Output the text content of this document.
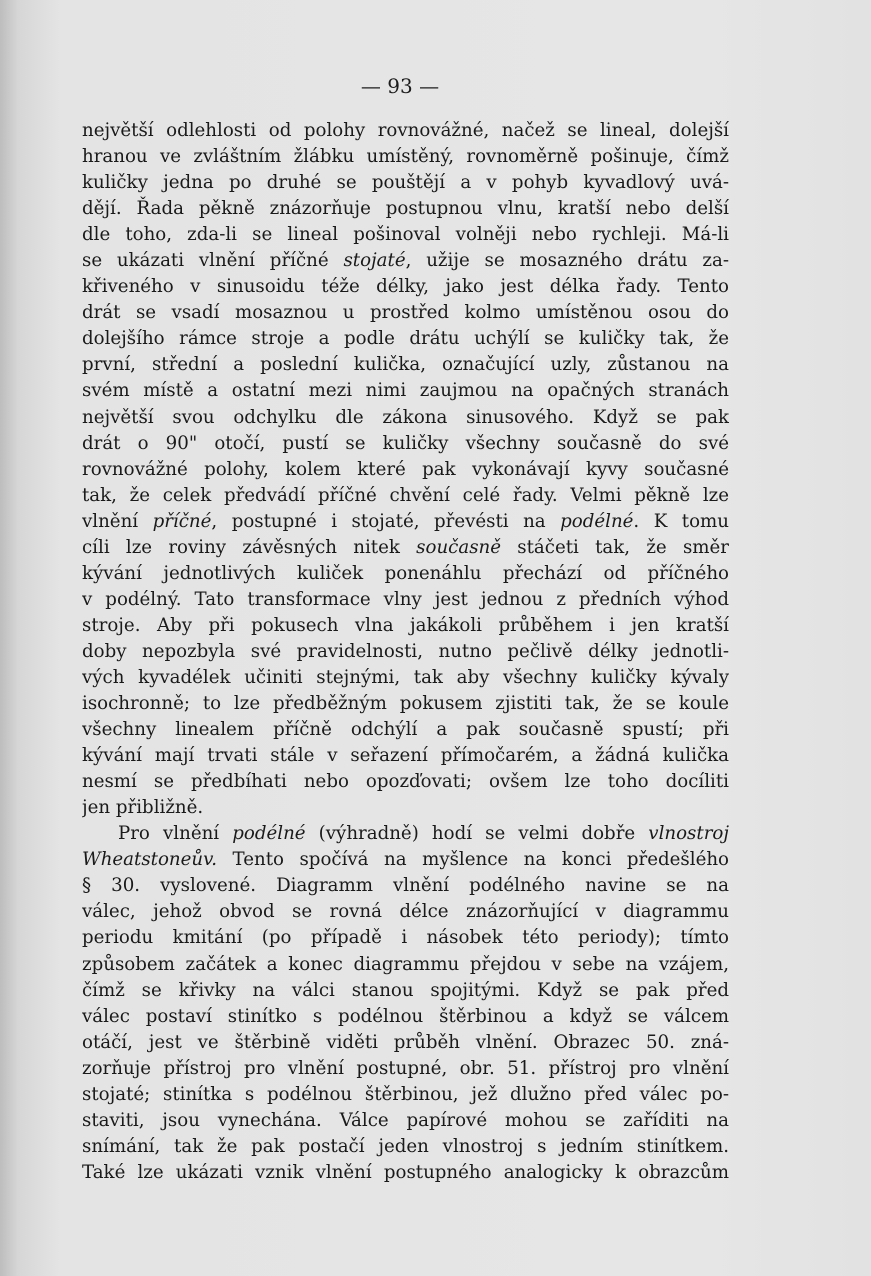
— 93 —
největší odlehlosti od polohy rovnovážné, načež se lineal, dolejší
hranou ve zvláštním žlábku umístěný, rovnoměrně pošinuje, čímž
kuličky jedna po druhé se pouštějí a v pohyb kyvadlový uvá-
dějí. Řada pěkně znázorňuje postupnou vlnu, kratší nebo delší
dle toho, zda-li se lineal pošinoval volněji nebo rychleji. Má-li
se ukázati vlnění příčné stojaté, užije se mosazného drátu za-
křiveného v sinusoidu téže délky, jako jest délka řady. Tento
drát se vsadí mosaznou u prostřed kolmo umístěnou osou do
dolejšího rámce stroje a podle drátu uchýlí se kuličky tak, že
první, střední a poslední kulička, označující uzly, zůstanou na
svém místě a ostatní mezi nimi zaujmou na opačných stranách
největší svou odchylku dle zákona sinusového. Když se pak
drát o 90" otočí, pustí se kuličky všechny současně do své
rovnovážné polohy, kolem které pak vykonávají kyvy současné
tak, že celek předvádí příčné chvění celé řady. Velmi pěkně lze
vlnění příčné, postupné i stojaté, převésti na podélné. K tomu
cíli lze roviny závěsných nitek současně stáčeti tak, že směr
kývání jednotlivých kuliček ponenáhlu přechází od příčného
v podélný. Tato transformace vlny jest jednou z předních výhod
stroje. Aby při pokusech vlna jakákoli průběhem i jen kratší
doby nepozbyla své pravidelnosti, nutno pečlivě délky jednotli-
vých kyvadélek učiniti stejnými, tak aby všechny kuličky kývaly
isochronně; to lze předběžným pokusem zjistiti tak, že se koule
všechny linealem příčně odchýlí a pak současně spustí; při
kývání mají trvati stále v seřazení přímočarém, a žádná kulička
nesmí se předbíhati nebo opozďovati; ovšem lze toho docíliti
jen přibližně.
Pro vlnění podélné (výhradně) hodí se velmi dobře vlnostroj
Wheatstoneův. Tento spočívá na myšlence na konci předešlého
§ 30. vyslovené. Diagramm vlnění podélného navine se na
válec, jehož obvod se rovná délce znázorňující v diagrammu
periodu kmitání (po případě i násobek této periody); tímto
způsobem začátek a konec diagrammu přejdou v sebe na vzájem,
čímž se křivky na válci stanou spojitými. Když se pak před
válec postaví stinítko s podélnou štěrbinou a když se válcem
otáčí, jest ve štěrbině viděti průběh vlnění. Obrazec 50. zná-
zorňuje přístroj pro vlnění postupné, obr. 51. přístroj pro vlnění
stojaté; stinítka s podélnou štěrbinou, jež dlužno před válec po-
staviti, jsou vynechána. Válce papírové mohou se zaříditi na
snímání, tak že pak postačí jeden vlnostroj s jedním stinítkem.
Také lze ukázati vznik vlnění postupného analogicky k obrazcům
